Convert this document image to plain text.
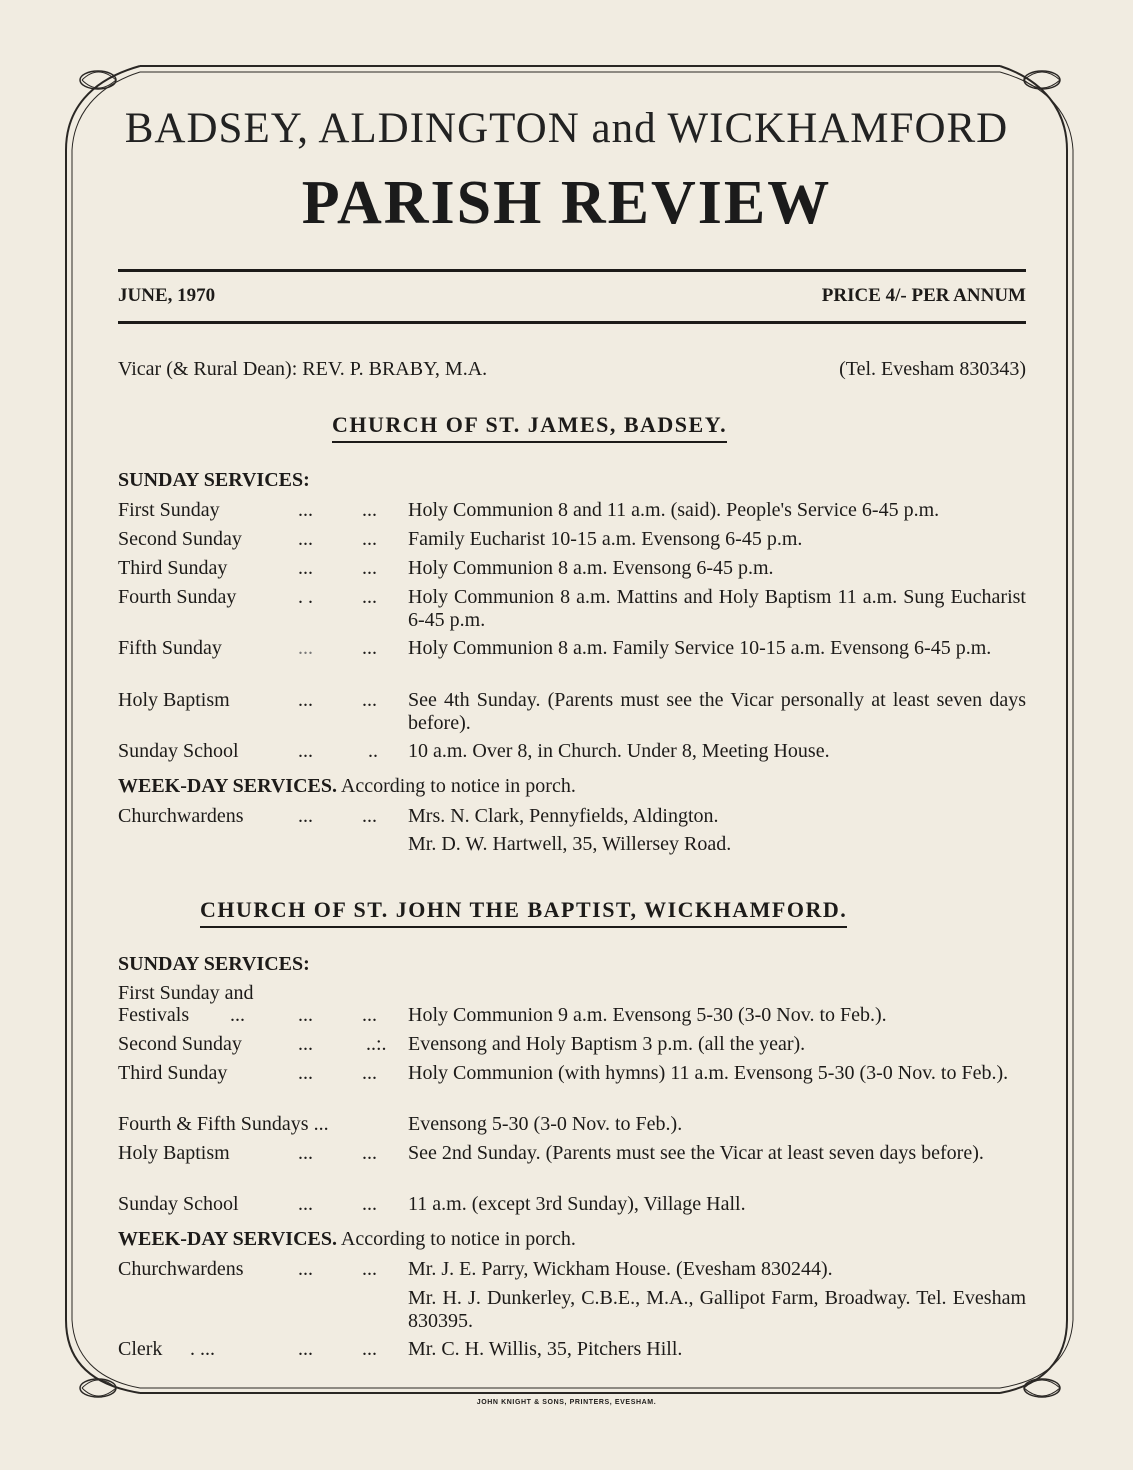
BADSEY, ALDINGTON and WICKHAMFORD
PARISH REVIEW
JUNE, 1970	PRICE 4/- PER ANNUM
Vicar (& Rural Dean): REV. P. BRABY, M.A.	(Tel. Evesham 830343)
CHURCH OF ST. JAMES, BADSEY.
SUNDAY SERVICES:
First Sunday	... ... Holy Communion 8 and 11 a.m. (said). People's Service 6-45 p.m.
Second Sunday	... ... Family Eucharist 10-15 a.m. Evensong 6-45 p.m.
Third Sunday	... ... Holy Communion 8 a.m. Evensong 6-45 p.m.
Fourth Sunday	. . ... Holy Communion 8 a.m. Mattins and Holy Baptism 11 a.m. Sung Eucharist 6-45 p.m.
Fifth Sunday	... ... Holy Communion 8 a.m. Family Service 10-15 a.m. Evensong 6-45 p.m.
Holy Baptism	... ... See 4th Sunday. (Parents must see the Vicar personally at least seven days before).
Sunday School	...	.. 10 a.m. Over 8, in Church. Under 8, Meeting House.
WEEK-DAY SERVICES. According to notice in porch.
Churchwardens	... ... Mrs. N. Clark, Pennyfields, Aldington.
Mr. D. W. Hartwell, 35, Willersey Road.
CHURCH OF ST. JOHN THE BAPTIST, WICKHAMFORD.
SUNDAY SERVICES:
First Sunday and
Festivals ...	... ... Holy Communion 9 a.m. Evensong 5-30 (3-0 Nov. to Feb.).
Second Sunday	...	..:. Evensong and Holy Baptism 3 p.m. (all the year).
Third Sunday	... ... Holy Communion (with hymns) 11 a.m. Evensong 5-30 (3-0 Nov. to Feb.).
Fourth & Fifth Sundays ...	Evensong 5-30 (3-0 Nov. to Feb.).
Holy Baptism	... ... See 2nd Sunday. (Parents must see the Vicar at least seven days before).
Sunday School	... ... 11 a.m. (except 3rd Sunday), Village Hall.
WEEK-DAY SERVICES. According to notice in porch.
Churchwardens	... ... Mr. J. E. Parry, Wickham House. (Evesham 830244).
Mr. H. J. Dunkerley, C.B.E., M.A., Gallipot Farm, Broadway. Tel. Evesham 830395.
Clerk . ...	... ... Mr. C. H. Willis, 35, Pitchers Hill.
JOHN KNIGHT & SONS, PRINTERS, EVESHAM.
